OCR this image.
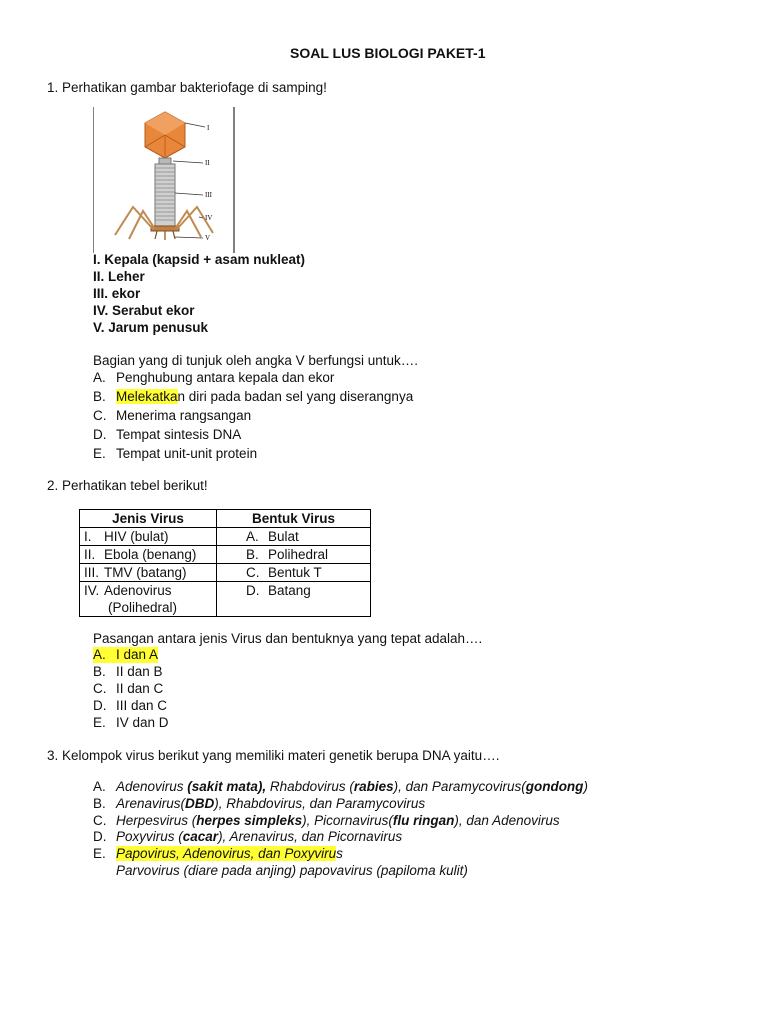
SOAL LUS BIOLOGI PAKET-1
1. Perhatikan gambar bakteriofage di samping!
I
II
III
IV
V
I. Kepala (kapsid + asam nukleat)
II. Leher
III. ekor
IV. Serabut ekor
V. Jarum penusuk
Bagian yang di tunjuk oleh angka V berfungsi untuk….
A. Penghubung antara kepala dan ekor
B. Melekatkan diri pada badan sel yang diserangnya
C. Menerima rangsangan
D. Tempat sintesis DNA
E. Tempat unit-unit protein
2. Perhatikan tebel berikut!
Jenis Virus	Bentuk Virus
I. HIV (bulat)	A. Bulat
II. Ebola (benang)	B. Polihedral
III. TMV (batang)	C. Bentuk T
IV. Adenovirus
(Polihedral)	D. Batang
Pasangan antara jenis Virus dan bentuknya yang tepat adalah….
A. I dan A
B. II dan B
C. II dan C
D. III dan C
E. IV dan D
3. Kelompok virus berikut yang memiliki materi genetik berupa DNA yaitu….
A. Adenovirus (sakit mata), Rhabdovirus (rabies), dan Paramycovirus(gondong)
B. Arenavirus(DBD), Rhabdovirus, dan Paramycovirus
C. Herpesvirus (herpes simpleks), Picornavirus(flu ringan), dan Adenovirus
D. Poxyvirus (cacar), Arenavirus, dan Picornavirus
E. Papovirus, Adenovirus, dan Poxyvirus
Parvovirus (diare pada anjing) papovavirus (papiloma kulit)
